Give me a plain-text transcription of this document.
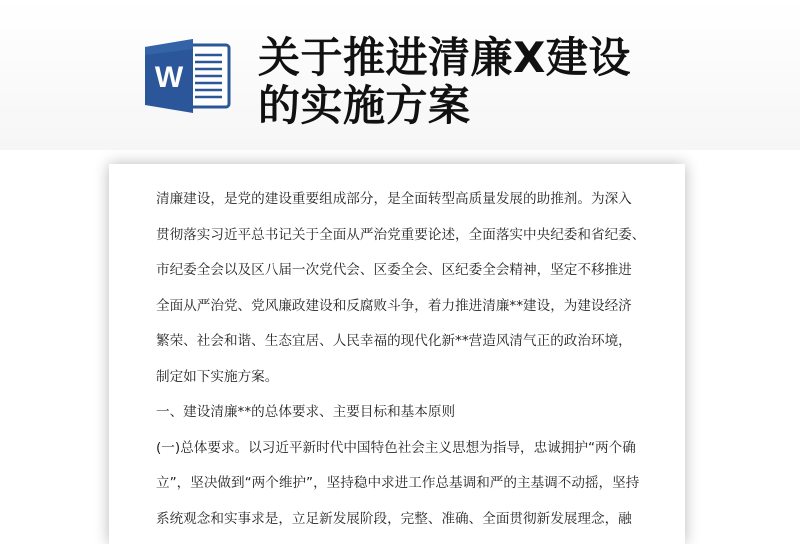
W 关于推进清廉X建设
的实施方案
清廉建设，是党的建设重要组成部分，是全面转型高质量发展的助推剂。为深入
贯彻落实习近平总书记关于全面从严治党重要论述，全面落实中央纪委和省纪委、
市纪委全会以及区八届一次党代会、区委全会、区纪委全会精神，坚定不移推进
全面从严治党、党风廉政建设和反腐败斗争，着力推进清廉**建设，为建设经济
繁荣、社会和谐、生态宜居、人民幸福的现代化新**营造风清气正的政治环境，
制定如下实施方案。
一、建设清廉**的总体要求、主要目标和基本原则
(一)总体要求。以习近平新时代中国特色社会主义思想为指导，忠诚拥护“两个确
立”，坚决做到“两个维护”，坚持稳中求进工作总基调和严的主基调不动摇，坚持
系统观念和实事求是，立足新发展阶段，完整、准确、全面贯彻新发展理念，融
